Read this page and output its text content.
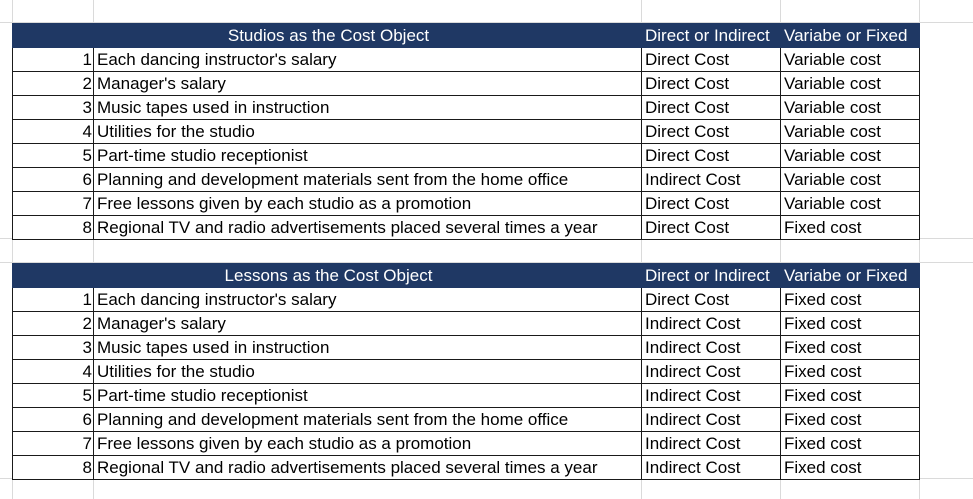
Studios as the Cost Object		Direct or Indirect	Variabe or Fixed
1	Each dancing instructor's salary	Direct Cost	Variable cost
2	Manager's salary	Direct Cost	Variable cost
3	Music tapes used in instruction	Direct Cost	Variable cost
4	Utilities for the studio	Direct Cost	Variable cost
5	Part-time studio receptionist	Direct Cost	Variable cost
6	Planning and development materials sent from the home office	Indirect Cost	Variable cost
7	Free lessons given by each studio as a promotion	Direct Cost	Variable cost
8	Regional TV and radio advertisements placed several times a year	Direct Cost	Fixed cost
Lessons as the Cost Object		Direct or Indirect	Variabe or Fixed
1	Each dancing instructor's salary	Direct Cost	Fixed cost
2	Manager's salary	Indirect Cost	Fixed cost
3	Music tapes used in instruction	Indirect Cost	Fixed cost
4	Utilities for the studio	Indirect Cost	Fixed cost
5	Part-time studio receptionist	Indirect Cost	Fixed cost
6	Planning and development materials sent from the home office	Indirect Cost	Fixed cost
7	Free lessons given by each studio as a promotion	Indirect Cost	Fixed cost
8	Regional TV and radio advertisements placed several times a year	Indirect Cost	Fixed cost
